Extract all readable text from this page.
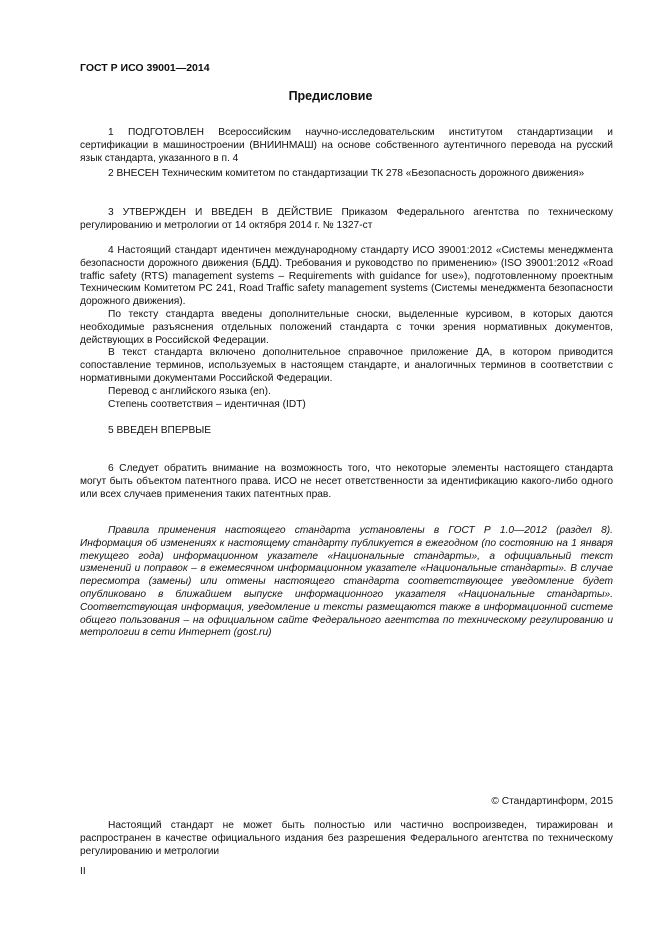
ГОСТ Р ИСО 39001—2014
Предисловие

1 ПОДГОТОВЛЕН Всероссийским научно-исследовательским институтом стандартизации и сертификации в машиностроении (ВНИИНМАШ) на основе собственного аутентичного перевода на русский язык стандарта, указанного в п. 4

2 ВНЕСЕН Техническим комитетом по стандартизации ТК 278 «Безопасность дорожного движения»

3 УТВЕРЖДЕН И ВВЕДЕН В ДЕЙСТВИЕ Приказом Федерального агентства по техническому регулированию и метрологии от 14 октября 2014 г. № 1327-ст

4 Настоящий стандарт идентичен международному стандарту ИСО 39001:2012 «Системы менеджмента безопасности дорожного движения (БДД). Требования и руководство по применению» (ISO 39001:2012 «Road traffic safety (RTS) management systems – Requirements with guidance for use»), подготовленному проектным Техническим Комитетом PC 241, Road Traffic safety management systems (Системы менеджмента безопасности дорожного движения).

По тексту стандарта введены дополнительные сноски, выделенные курсивом, в которых даются необходимые разъяснения отдельных положений стандарта с точки зрения нормативных документов, действующих в Российской Федерации.

В текст стандарта включено дополнительное справочное приложение ДА, в котором приводится сопоставление терминов, используемых в настоящем стандарте, и аналогичных терминов в соответствии с нормативными документами Российской Федерации.

Перевод с английского языка (en).

Степень соответствия – идентичная (IDT)

5 ВВЕДЕН ВПЕРВЫЕ

6 Следует обратить внимание на возможность того, что некоторые элементы настоящего стандарта могут быть объектом патентного права. ИСО не несет ответственности за идентификацию какого-либо одного или всех случаев применения таких патентных прав.

Правила применения настоящего стандарта установлены в ГОСТ Р 1.0—2012 (раздел 8). Информация об изменениях к настоящему стандарту публикуется в ежегодном (по состоянию на 1 января текущего года) информационном указателе «Национальные стандарты», а официальный текст изменений и поправок – в ежемесячном информационном указателе «Национальные стандарты». В случае пересмотра (замены) или отмены настоящего стандарта соответствующее уведомление будет опубликовано в ближайшем выпуске информационного указателя «Национальные стандарты». Соответствующая информация, уведомление и тексты размещаются также в информационной системе общего пользования – на официальном сайте Федерального агентства по техническому регулированию и метрологии в сети Интернет (gost.ru)

© Стандартинформ, 2015

Настоящий стандарт не может быть полностью или частично воспроизведен, тиражирован и распространен в качестве официального издания без разрешения Федерального агентства по техническому регулированию и метрологии

II
